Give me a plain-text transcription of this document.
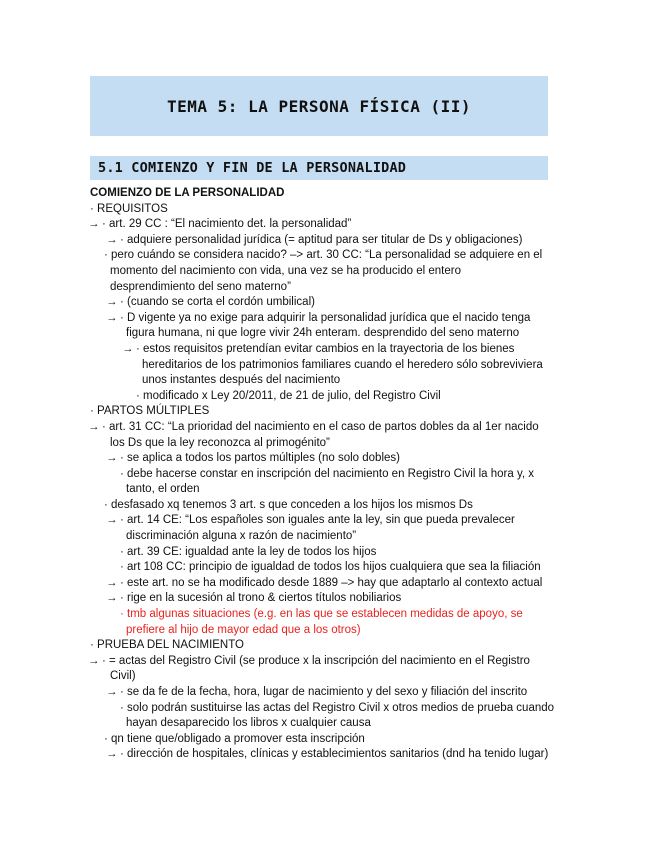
TEMA 5: LA PERSONA FÍSICA (II)
5.1 COMIENZO Y FIN DE LA PERSONALIDAD
COMIENZO DE LA PERSONALIDAD
· REQUISITOS
→ · art. 29 CC : “El nacimiento det. la personalidad”
→ · adquiere personalidad jurídica (= aptitud para ser titular de Ds y obligaciones)
· pero cuándo se considera nacido? –> art. 30 CC: “La personalidad se adquiere en el
momento del nacimiento con vida, una vez se ha producido el entero
desprendimiento del seno materno”
→ · (cuando se corta el cordón umbilical)
→ · D vigente ya no exige para adquirir la personalidad jurídica que el nacido tenga
figura humana, ni que logre vivir 24h enteram. desprendido del seno materno
→ · estos requisitos pretendían evitar cambios en la trayectoria de los bienes
hereditarios de los patrimonios familiares cuando el heredero sólo sobreviviera
unos instantes después del nacimiento
· modificado x Ley 20/2011, de 21 de julio, del Registro Civil
· PARTOS MÚLTIPLES
→ · art. 31 CC: “La prioridad del nacimiento en el caso de partos dobles da al 1er nacido
los Ds que la ley reconozca al primogénito”
→ · se aplica a todos los partos múltiples (no solo dobles)
· debe hacerse constar en inscripción del nacimiento en Registro Civil la hora y, x
tanto, el orden
· desfasado xq tenemos 3 art. s que conceden a los hijos los mismos Ds
→ · art. 14 CE: “Los españoles son iguales ante la ley, sin que pueda prevalecer
discriminación alguna x razón de nacimiento”
· art. 39 CE: igualdad ante la ley de todos los hijos
· art 108 CC: principio de igualdad de todos los hijos cualquiera que sea la filiación
→ · este art. no se ha modificado desde 1889 –> hay que adaptarlo al contexto actual
→ · rige en la sucesión al trono & ciertos títulos nobiliarios
· tmb algunas situaciones (e.g. en las que se establecen medidas de apoyo, se
prefiere al hijo de mayor edad que a los otros)
· PRUEBA DEL NACIMIENTO
→ · = actas del Registro Civil (se produce x la inscripción del nacimiento en el Registro
Civil)
→ · se da fe de la fecha, hora, lugar de nacimiento y del sexo y filiación del inscrito
· solo podrán sustituirse las actas del Registro Civil x otros medios de prueba cuando
hayan desaparecido los libros x cualquier causa
· qn tiene que/obligado a promover esta inscripción
→ · dirección de hospitales, clínicas y establecimientos sanitarios (dnd ha tenido lugar)
